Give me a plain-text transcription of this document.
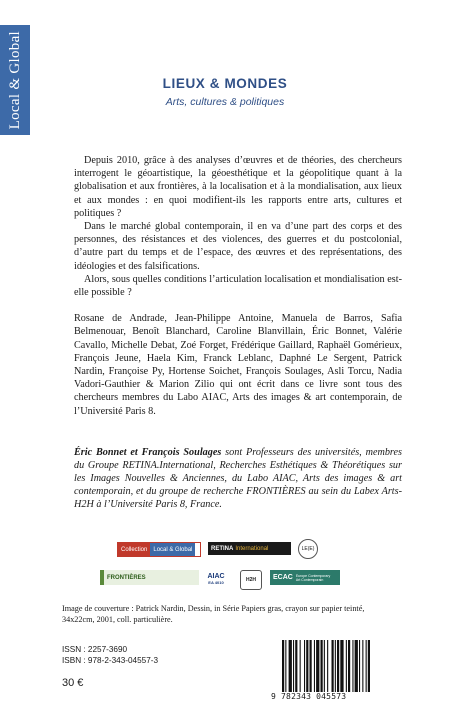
Local & Global	LIEUX & MONDES
Arts, cultures & politiques

Depuis 2010, grâce à des analyses d’œuvres et de théories, des chercheurs interrogent le géoartistique, la géoesthétique et la géopolitique quant à la globalisation et aux frontières, à la localisation et à la mondialisation, aux lieux et aux mondes : en quoi modifient-ils les rapports entre arts, cultures et politiques ?

Dans le marché global contemporain, il en va d’une part des corps et des personnes, des résistances et des violences, des guerres et du postcolonial, d’autre part du temps et de l’espace, des œuvres et des représentations, des idéologies et des falsifications.

Alors, sous quelles conditions l’articulation localisation et mondialisation est-elle possible ?

Rosane de Andrade, Jean-Philippe Antoine, Manuela de Barros, Safia Belmenouar, Benoît Blanchard, Caroline Blanvillain, Éric Bonnet, Valérie Cavallo, Michelle Debat, Zoé Forget, Frédérique Gaillard, Raphaël Gomérieux, François Jeune, Haela Kim, Franck Leblanc, Daphné Le Sergent, Patrick Nardin, Françoise Py, Hortense Soichet, François Soulages, Asli Torcu, Nadia Vadori-Gauthier & Marion Zilio qui ont écrit dans ce livre sont tous des chercheurs membres du Labo AIAC, Arts des images & art contemporain, de l’Université Paris 8.

Éric Bonnet et François Soulages sont Professeurs des universités, membres du Groupe RETINA.International, Recherches Esthétiques & Théorétiques sur les Images Nouvelles & Anciennes, du Labo AIAC, Arts des images & art contemporain, et du groupe de recherche FRONTIÈRES au sein du Labex Arts-H2H à l’Université Paris 8, France.
Collection	Local & Global	RETINA International	LE(E)
FRONTIÈRES	AIAC
EA 4010	H2H	ECAC Europe Contemporary
Art Contemporain
Image de couverture : Patrick Nardin, Dessin, in Série Papiers gras, crayon sur papier teinté, 34x22cm, 2001, coll. particulière.
ISSN : 2257-3690
ISBN : 978-2-343-04557-3
30 €
9 782343 045573
